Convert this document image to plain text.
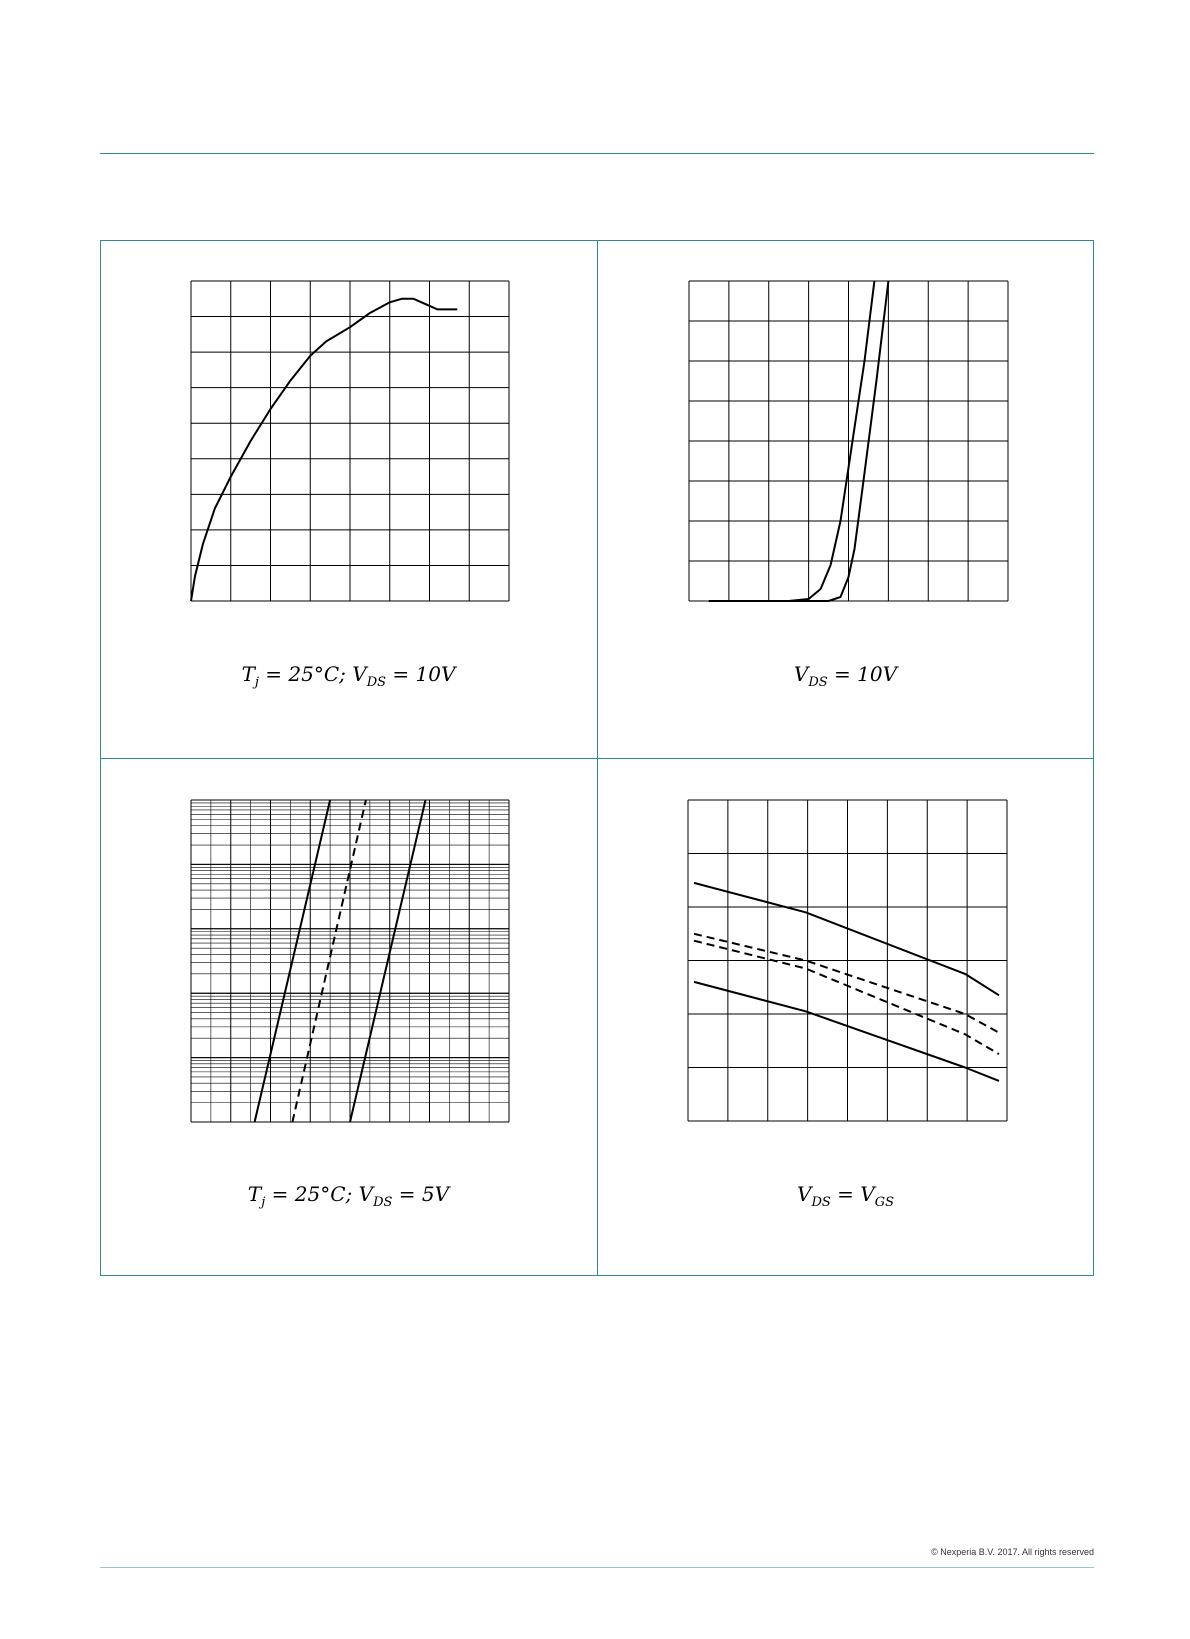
$T_j = 25^\circ C$; $V_{DS} = 10V$	$V_{DS} = 10V$
$T_j = 25^\circ C$; $V_{DS} = 5V$	$V_{DS} = V_{GS}$
© Nexperia B.V. 2017. All rights reserved
